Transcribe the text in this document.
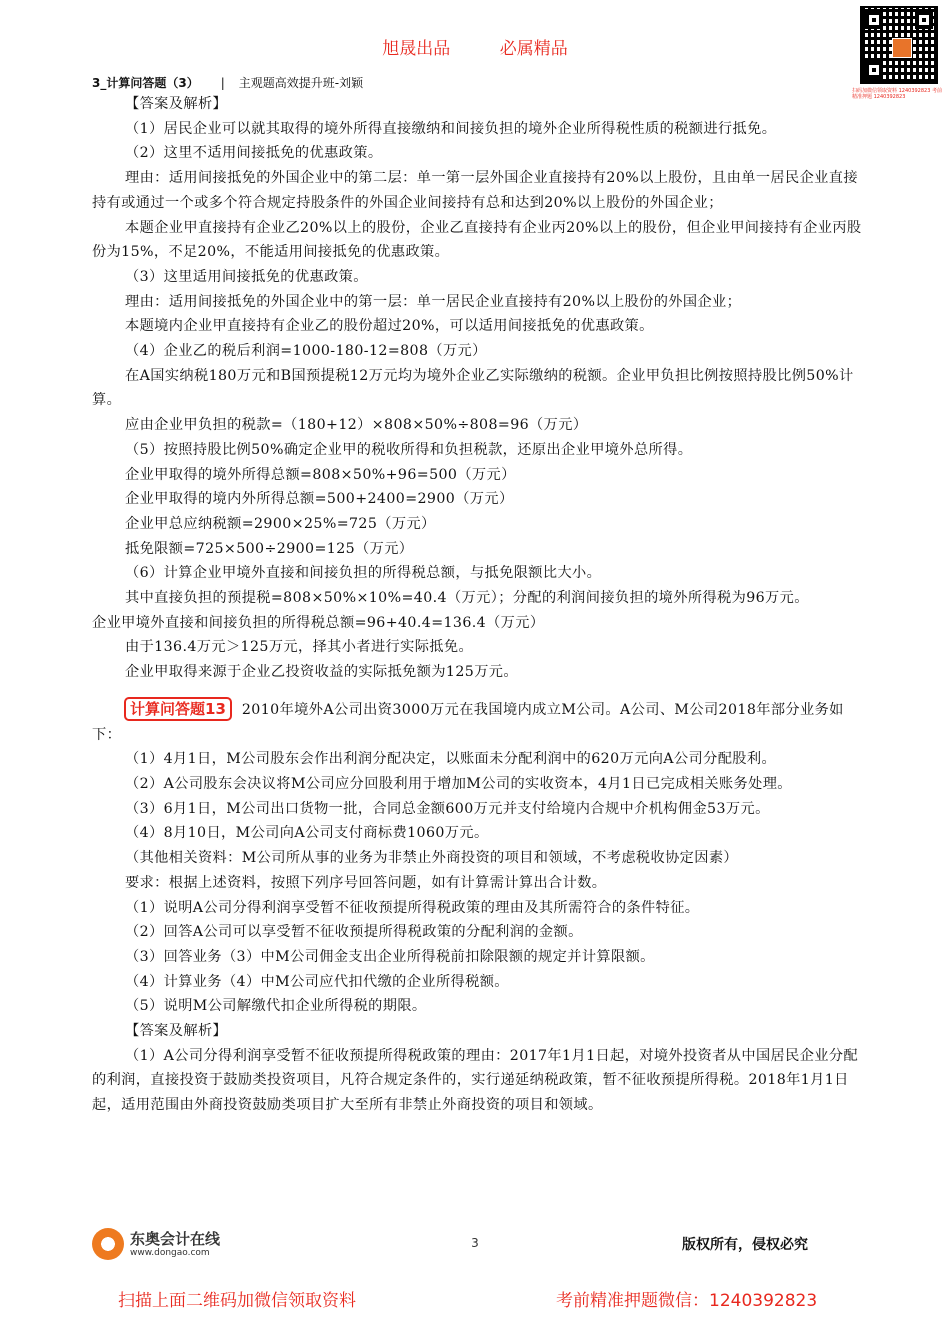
旭晟出品	必属精品
扫码加微信领取资料 1240392823 考前精准押题 1240392823
3_计算问答题（3） | 主观题高效提升班-刘颖

【答案及解析】

（1）居民企业可以就其取得的境外所得直接缴纳和间接负担的境外企业所得税性质的税额进行抵免。

（2）这里不适用间接抵免的优惠政策。

理由：适用间接抵免的外国企业中的第二层：单一第一层外国企业直接持有20%以上股份，且由单一居民企业直接持有或通过一个或多个符合规定持股条件的外国企业间接持有总和达到20%以上股份的外国企业；

本题企业甲直接持有企业乙20%以上的股份，企业乙直接持有企业丙20%以上的股份，但企业甲间接持有企业丙股份为15%，不足20%，不能适用间接抵免的优惠政策。

（3）这里适用间接抵免的优惠政策。

理由：适用间接抵免的外国企业中的第一层：单一居民企业直接持有20%以上股份的外国企业；

本题境内企业甲直接持有企业乙的股份超过20%，可以适用间接抵免的优惠政策。

（4）企业乙的税后利润=1000-180-12=808（万元）

在A国实纳税180万元和B国预提税12万元均为境外企业乙实际缴纳的税额。企业甲负担比例按照持股比例50%计算。

应由企业甲负担的税款=（180+12）×808×50%÷808=96（万元）

（5）按照持股比例50%确定企业甲的税收所得和负担税款，还原出企业甲境外总所得。

企业甲取得的境外所得总额=808×50%+96=500（万元）

企业甲取得的境内外所得总额=500+2400=2900（万元）

企业甲总应纳税额=2900×25%=725（万元）

抵免限额=725×500÷2900=125（万元）

（6）计算企业甲境外直接和间接负担的所得税总额，与抵免限额比大小。

其中直接负担的预提税=808×50%×10%=40.4（万元）；分配的利润间接负担的境外所得税为96万元。

企业甲境外直接和间接负担的所得税总额=96+40.4=136.4（万元）

由于136.4万元＞125万元，择其小者进行实际抵免。

企业甲取得来源于企业乙投资收益的实际抵免额为125万元。

计算问答题13 2010年境外A公司出资3000万元在我国境内成立M公司。A公司、M公司2018年部分业务如下：

（1）4月1日，M公司股东会作出利润分配决定，以账面未分配利润中的620万元向A公司分配股利。

（2）A公司股东会决议将M公司应分回股利用于增加M公司的实收资本，4月1日已完成相关账务处理。

（3）6月1日，M公司出口货物一批，合同总金额600万元并支付给境内合规中介机构佣金53万元。

（4）8月10日，M公司向A公司支付商标费1060万元。

（其他相关资料：M公司所从事的业务为非禁止外商投资的项目和领域，不考虑税收协定因素）

要求：根据上述资料，按照下列序号回答问题，如有计算需计算出合计数。

（1）说明A公司分得利润享受暂不征收预提所得税政策的理由及其所需符合的条件特征。

（2）回答A公司可以享受暂不征收预提所得税政策的分配利润的金额。

（3）回答业务（3）中M公司佣金支出企业所得税前扣除限额的规定并计算限额。

（4）计算业务（4）中M公司应代扣代缴的企业所得税额。

（5）说明M公司解缴代扣企业所得税的期限。

【答案及解析】

（1）A公司分得利润享受暂不征收预提所得税政策的理由：2017年1月1日起，对境外投资者从中国居民企业分配的利润，直接投资于鼓励类投资项目，凡符合规定条件的，实行递延纳税政策，暂不征收预提所得税。2018年1月1日起，适用范围由外商投资鼓励类项目扩大至所有非禁止外商投资的项目和领域。

东奥会计在线
www.dongao.com
3	版权所有，侵权必究
扫描上面二维码加微信领取资料	考前精准押题微信：1240392823
